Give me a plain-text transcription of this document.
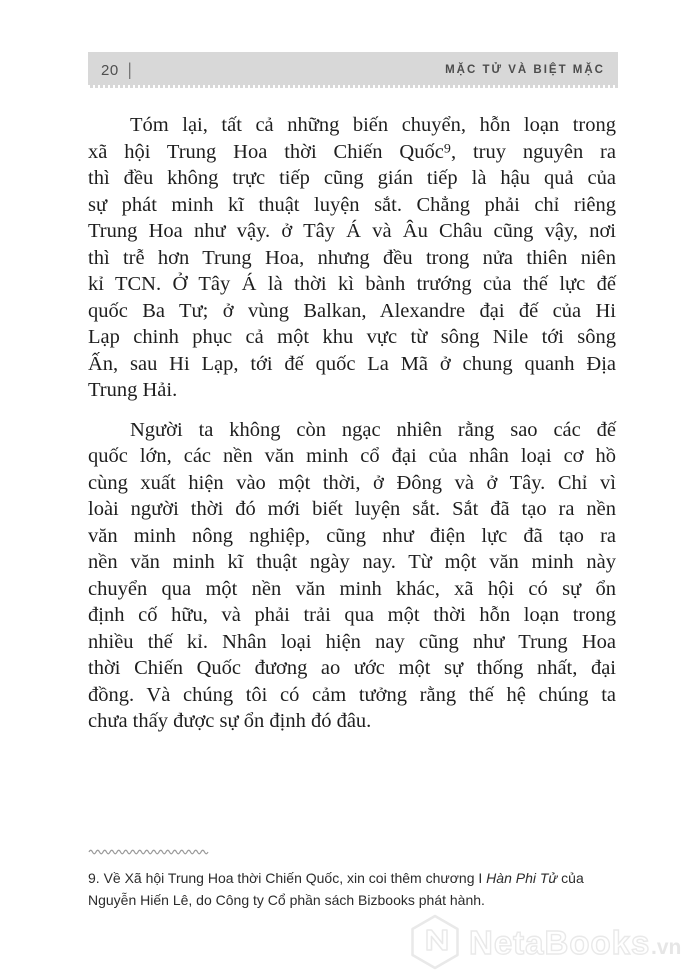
20 |	MẶC TỬ VÀ BIỆT MẶC
Tóm lại, tất cả những biến chuyển, hỗn loạn trong
xã hội Trung Hoa thời Chiến Quốc⁹, truy nguyên ra
thì đều không trực tiếp cũng gián tiếp là hậu quả của
sự phát minh kĩ thuật luyện sắt. Chẳng phải chỉ riêng
Trung Hoa như vậy. ở Tây Á và Âu Châu cũng vậy, nơi
thì trễ hơn Trung Hoa, nhưng đều trong nửa thiên niên
kỉ TCN. Ở Tây Á là thời kì bành trướng của thế lực đế
quốc Ba Tư; ở vùng Balkan, Alexandre đại đế của Hi
Lạp chinh phục cả một khu vực từ sông Nile tới sông
Ấn, sau Hi Lạp, tới đế quốc La Mã ở chung quanh Địa
Trung Hải.
Người ta không còn ngạc nhiên rằng sao các đế
quốc lớn, các nền văn minh cổ đại của nhân loại cơ hồ
cùng xuất hiện vào một thời, ở Đông và ở Tây. Chỉ vì
loài người thời đó mới biết luyện sắt. Sắt đã tạo ra nền
văn minh nông nghiệp, cũng như điện lực đã tạo ra
nền văn minh kĩ thuật ngày nay. Từ một văn minh này
chuyển qua một nền văn minh khác, xã hội có sự ổn
định cố hữu, và phải trải qua một thời hỗn loạn trong
nhiều thế kỉ. Nhân loại hiện nay cũng như Trung Hoa
thời Chiến Quốc đương ao ước một sự thống nhất, đại
đồng. Và chúng tôi có cảm tưởng rằng thế hệ chúng ta
chưa thấy được sự ổn định đó đâu.
9. Về Xã hội Trung Hoa thời Chiến Quốc, xin coi thêm chương I Hàn Phi Tử của Nguyễn Hiến Lê, do Công ty Cổ phần sách Bizbooks phát hành.
NetaBooks .vn
